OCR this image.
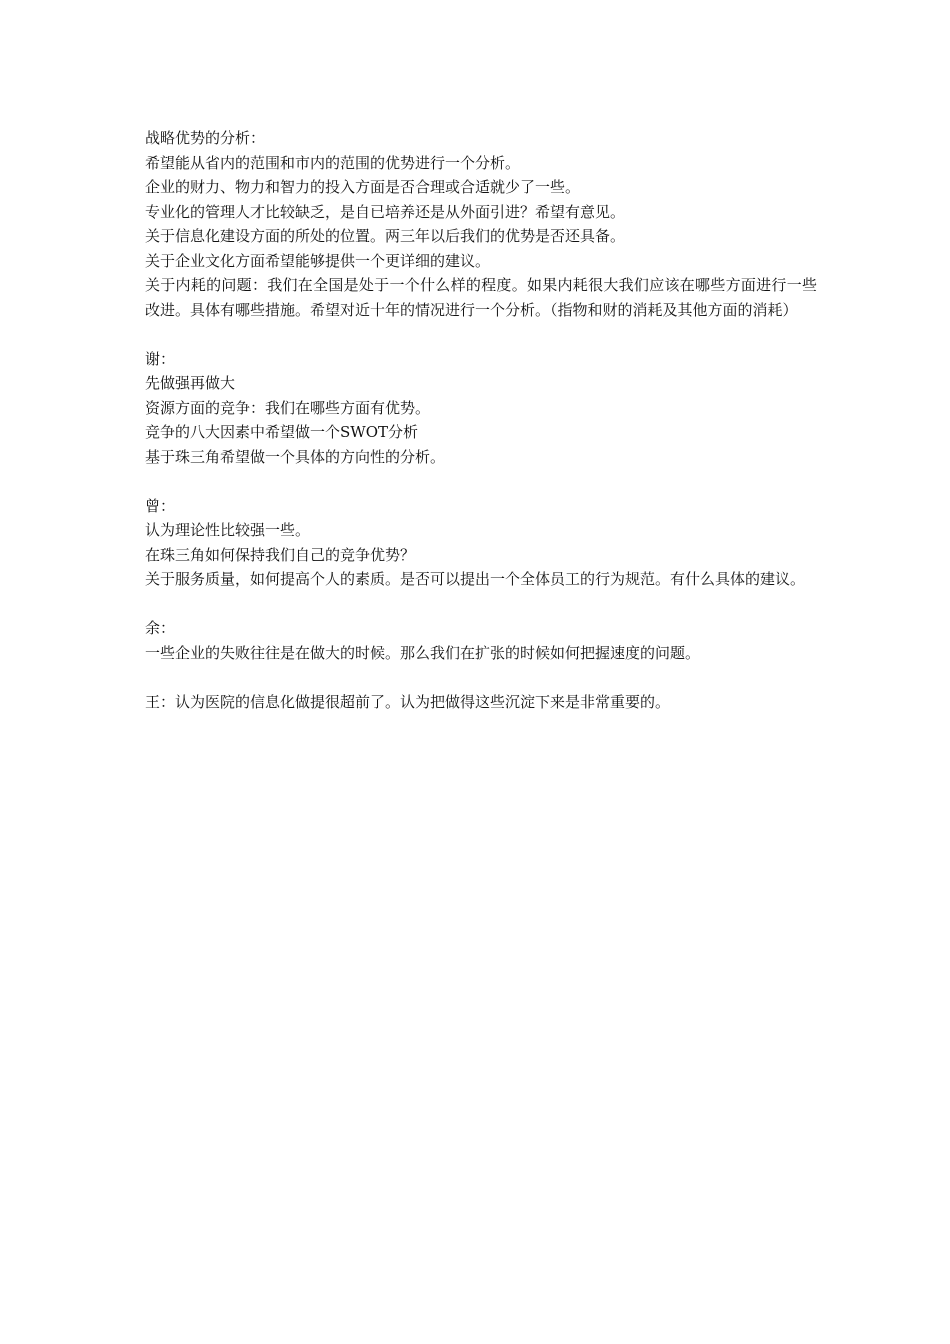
战略优势的分析：
希望能从省内的范围和市内的范围的优势进行一个分析。
企业的财力、物力和智力的投入方面是否合理或合适就少了一些。
专业化的管理人才比较缺乏，是自已培养还是从外面引进？希望有意见。
关于信息化建设方面的所处的位置。两三年以后我们的优势是否还具备。
关于企业文化方面希望能够提供一个更详细的建议。
关于内耗的问题：我们在全国是处于一个什么样的程度。如果内耗很大我们应该在哪些方面进行一些改进。具体有哪些措施。希望对近十年的情况进行一个分析。（指物和财的消耗及其他方面的消耗）
谢：
先做强再做大
资源方面的竞争：我们在哪些方面有优势。
竞争的八大因素中希望做一个SWOT分析
基于珠三角希望做一个具体的方向性的分析。
曾：
认为理论性比较强一些。
在珠三角如何保持我们自己的竞争优势？
关于服务质量，如何提高个人的素质。是否可以提出一个全体员工的行为规范。有什么具体的建议。
余：
一些企业的失败往往是在做大的时候。那么我们在扩张的时候如何把握速度的问题。
王：认为医院的信息化做提很超前了。认为把做得这些沉淀下来是非常重要的。
